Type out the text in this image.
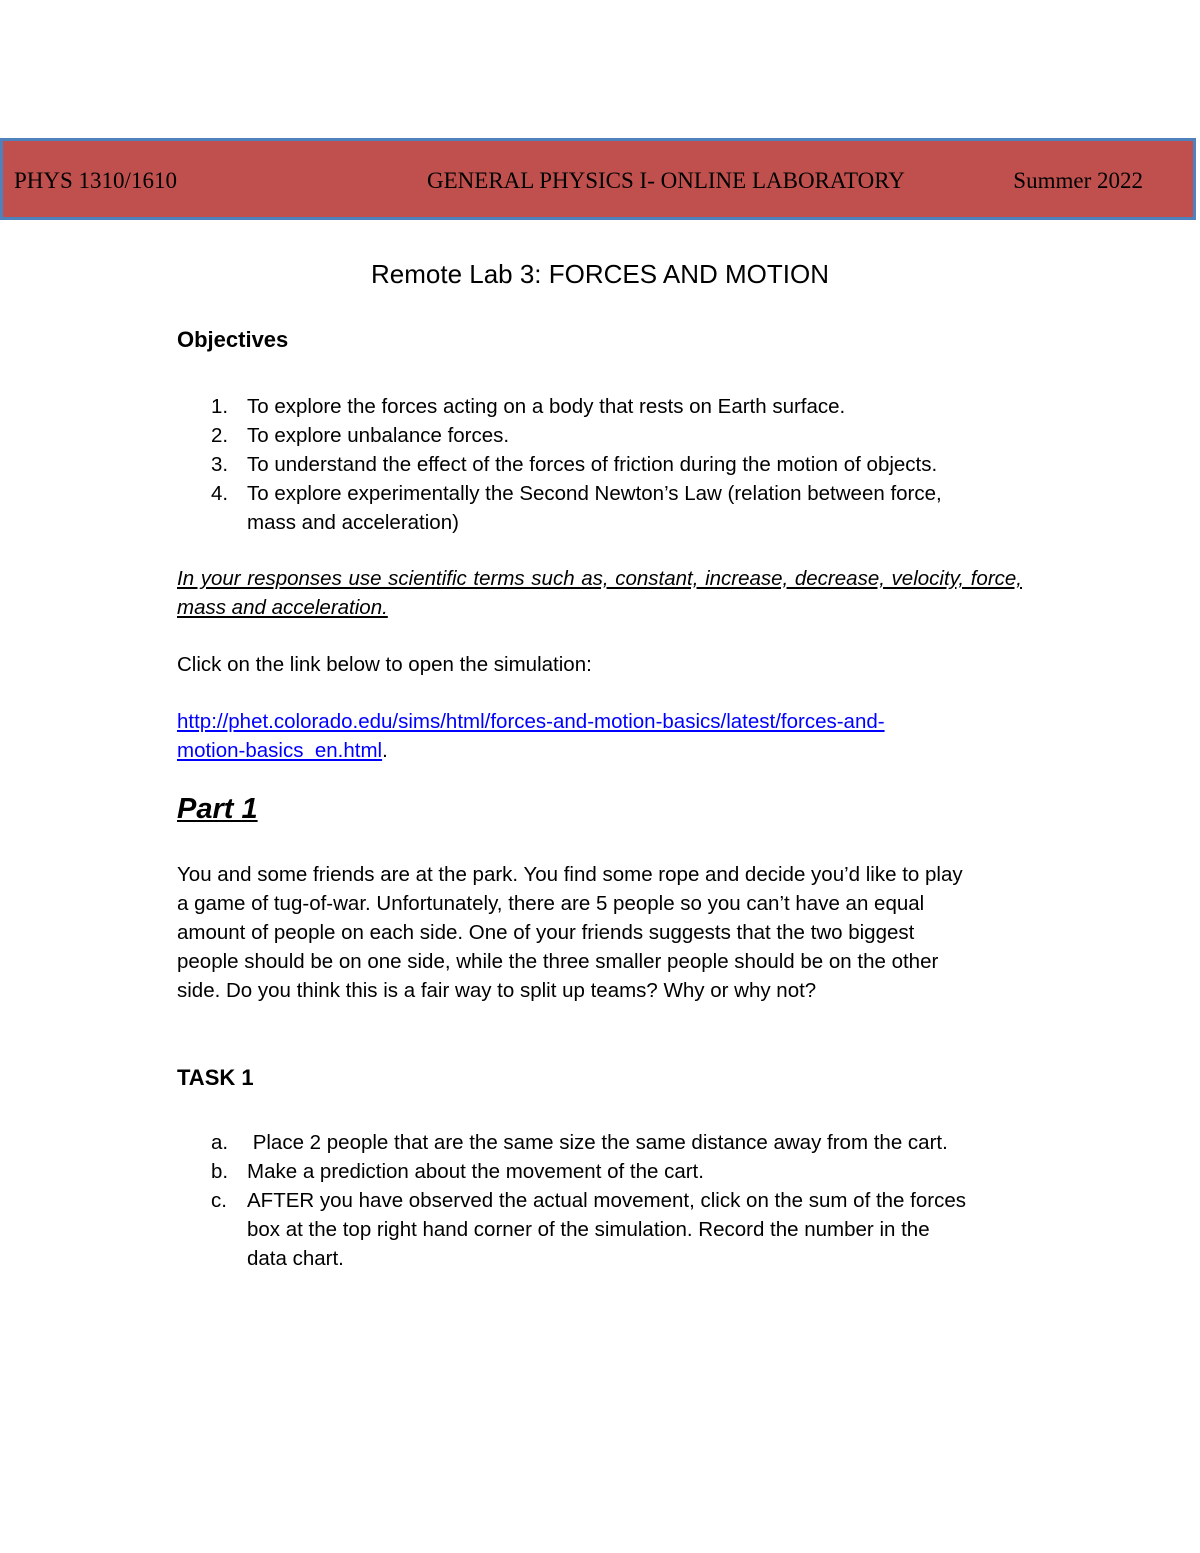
PHYS 1310/1610	GENERAL PHYSICS I- ONLINE LABORATORY	Summer 2022
Remote Lab 3: FORCES AND MOTION
Objectives
1. To explore the forces acting on a body that rests on Earth surface.
2. To explore unbalance forces.
3. To understand the effect of the forces of friction during the motion of objects.
4. To explore experimentally the Second Newton’s Law (relation between force,
mass and acceleration)
In your responses use scientific terms such as, constant, increase, decrease, velocity, force, mass and acceleration.
Click on the link below to open the simulation:
http://phet.colorado.edu/sims/html/forces-and-motion-basics/latest/forces-and-
motion-basics_en.html.
Part 1
You and some friends are at the park. You find some rope and decide you’d like to play
a game of tug-of-war. Unfortunately, there are 5 people so you can’t have an equal
amount of people on each side. One of your friends suggests that the two biggest
people should be on one side, while the three smaller people should be on the other
side. Do you think this is a fair way to split up teams? Why or why not?
TASK 1
a. Place 2 people that are the same size the same distance away from the cart.
b. Make a prediction about the movement of the cart.
c. AFTER you have observed the actual movement, click on the sum of the forces
box at the top right hand corner of the simulation. Record the number in the
data chart.
